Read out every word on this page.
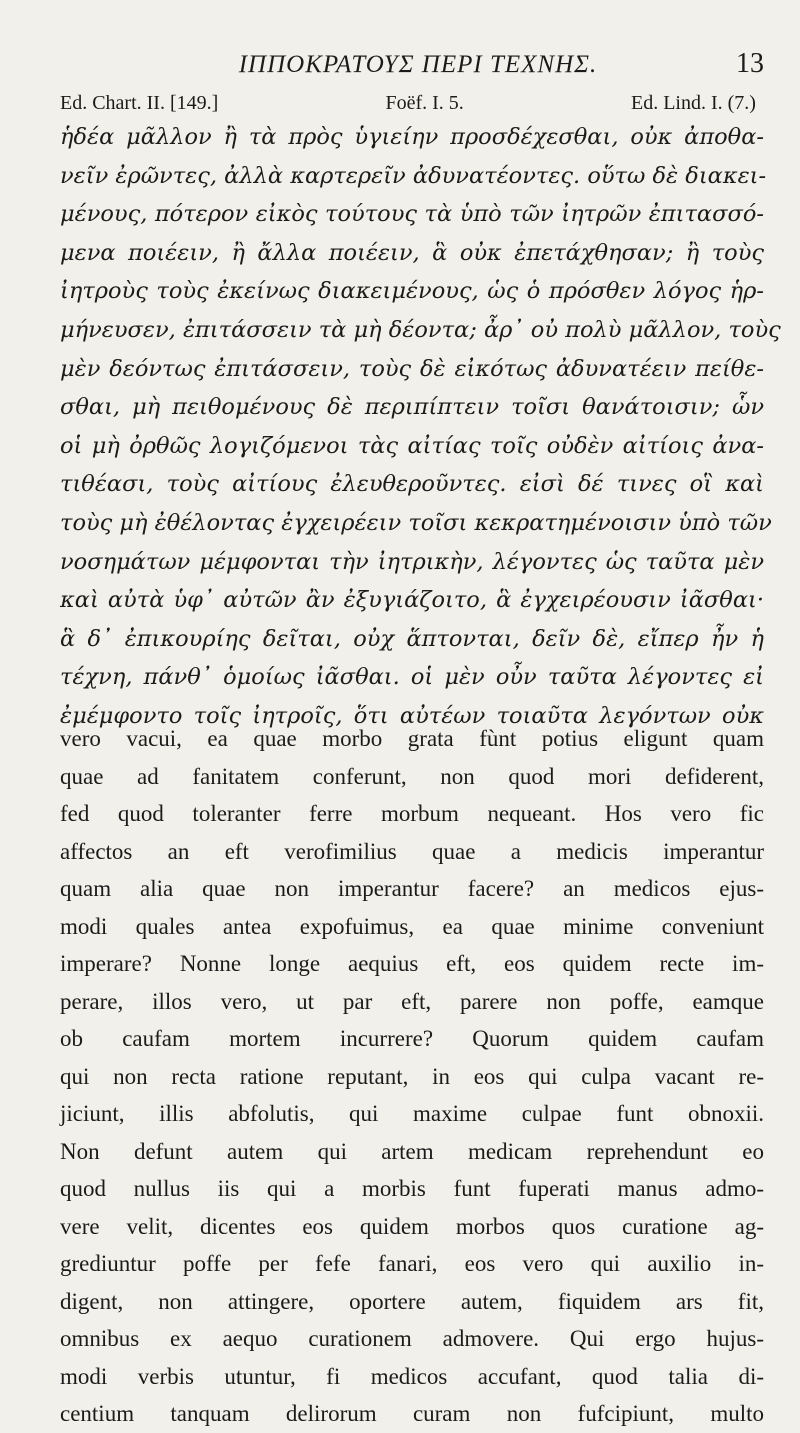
ΙΠΠΟΚΡΑΤΟΥΣ ΠΕΡΙ ΤΕΧΝΗΣ.	13
Ed. Chart. II. [149.]	Foëf. I. 5.	Ed. Lind. I. (7.)
ἡδέα μᾶλλον ἢ τὰ πρὸς ὑγιείην προσδέχεσθαι, οὐκ ἀποθα-
νεῖν ἐρῶντες, ἀλλὰ καρτερεῖν ἀδυνατέοντες. οὕτω δὲ διακει-
μένους, πότερον εἰκὸς τούτους τὰ ὑπὸ τῶν ἰητρῶν ἐπιτασσό-
μενα ποιέειν, ἢ ἄλλα ποιέειν, ἃ οὐκ ἐπετάχθησαν; ἢ τοὺς
ἰητροὺς τοὺς ἐκείνως διακειμένους, ὡς ὁ πρόσθεν λόγος ἡρ-
μήνευσεν, ἐπιτάσσειν τὰ μὴ δέοντα; ἆρ᾽ οὐ πολὺ μᾶλλον, τοὺς
μὲν δεόντως ἐπιτάσσειν, τοὺς δὲ εἰκότως ἀδυνατέειν πείθε-
σθαι, μὴ πειθομένους δὲ περιπίπτειν τοῖσι θανάτοισιν; ὧν
οἱ μὴ ὀρθῶς λογιζόμενοι τὰς αἰτίας τοῖς οὐδὲν αἰτίοις ἀνα-
τιθέασι, τοὺς αἰτίους ἐλευθεροῦντες. εἰσὶ δέ τινες οἳ καὶ
τοὺς μὴ ἐθέλοντας ἐγχειρέειν τοῖσι κεκρατημένοισιν ὑπὸ τῶν
νοσημάτων μέμφονται τὴν ἰητρικὴν, λέγοντες ὡς ταῦτα μὲν
καὶ αὐτὰ ὑφ᾽ αὐτῶν ἂν ἐξυγιάζοιτο, ἃ ἐγχειρέουσιν ἰᾶσθαι·
ἃ δ᾽ ἐπικουρίης δεῖται, οὐχ ἅπτονται, δεῖν δὲ, εἴπερ ἦν ἡ
τέχνη, πάνθ᾽ ὁμοίως ἰᾶσθαι. οἱ μὲν οὖν ταῦτα λέγοντες εἰ
ἐμέμφοντο τοῖς ἰητροῖς, ὅτι αὐτέων τοιαῦτα λεγόντων οὐκ
vero vacui, ea quae morbo grata fùnt potius eligunt quam
quae ad fanitatem conferunt, non quod mori defiderent,
fed quod toleranter ferre morbum nequeant. Hos vero fic
affectos an eft verofimilius quae a medicis imperantur
quam alia quae non imperantur facere? an medicos ejus-
modi quales antea expofuimus, ea quae minime conveniunt
imperare? Nonne longe aequius eft, eos quidem recte im-
perare, illos vero, ut par eft, parere non poffe, eamque
ob caufam mortem incurrere? Quorum quidem caufam
qui non recta ratione reputant, in eos qui culpa vacant re-
jiciunt, illis abfolutis, qui maxime culpae funt obnoxii.
Non defunt autem qui artem medicam reprehendunt eo
quod nullus iis qui a morbis funt fuperati manus admo-
vere velit, dicentes eos quidem morbos quos curatione ag-
grediuntur poffe per fefe fanari, eos vero qui auxilio in-
digent, non attingere, oportere autem, fiquidem ars fit,
omnibus ex aequo curationem admovere. Qui ergo hujus-
modi verbis utuntur, fi medicos accufant, quod talia di-
centium tanquam delirorum curam non fufcipiunt, multo
